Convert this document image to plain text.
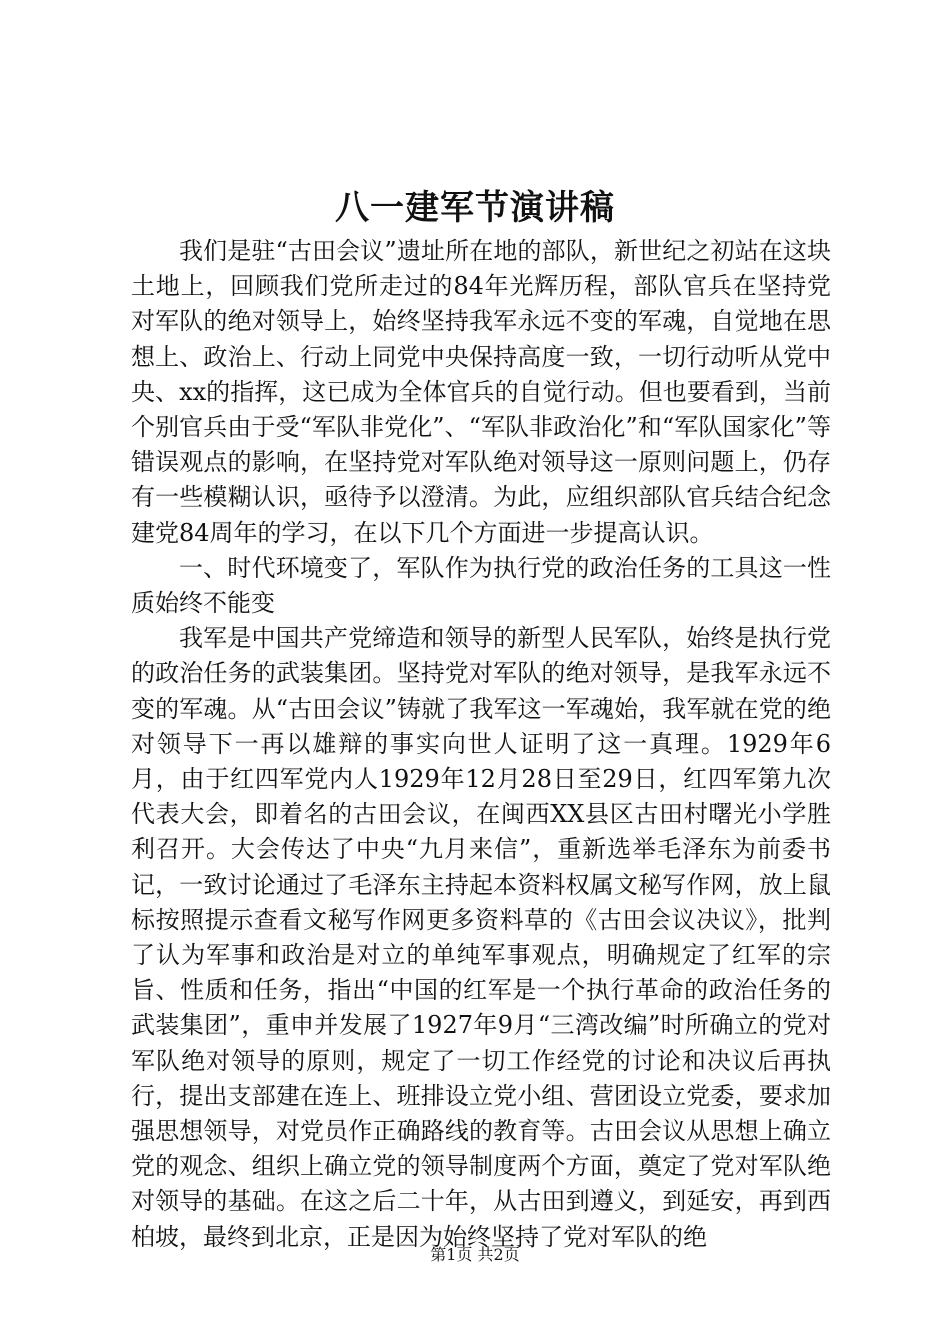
八一建军节演讲稿

我们是驻“古田会议”遗址所在地的部队，新世纪之初站在这块土地上，回顾我们党所走过的84年光辉历程，部队官兵在坚持党对军队的绝对领导上，始终坚持我军永远不变的军魂，自觉地在思想上、政治上、行动上同党中央保持高度一致，一切行动听从党中央、xx的指挥，这已成为全体官兵的自觉行动。但也要看到，当前个别官兵由于受“军队非党化”、“军队非政治化”和“军队国家化”等错误观点的影响，在坚持党对军队绝对领导这一原则问题上，仍存有一些模糊认识，亟待予以澄清。为此，应组织部队官兵结合纪念建党84周年的学习，在以下几个方面进一步提高认识。

一、时代环境变了，军队作为执行党的政治任务的工具这一性质始终不能变

我军是中国共产党缔造和领导的新型人民军队，始终是执行党的政治任务的武装集团。坚持党对军队的绝对领导，是我军永远不变的军魂。从“古田会议”铸就了我军这一军魂始，我军就在党的绝对领导下一再以雄辩的事实向世人证明了这一真理。1929年6月，由于红四军党内人1929年12月28日至29日，红四军第九次代表大会，即着名的古田会议，在闽西XX县区古田村曙光小学胜利召开。大会传达了中央“九月来信”，重新选举毛泽东为前委书记，一致讨论通过了毛泽东主持起本资料权属文秘写作网，放上鼠标按照提示查看文秘写作网更多资料草的《古田会议决议》，批判了认为军事和政治是对立的单纯军事观点，明确规定了红军的宗旨、性质和任务，指出“中国的红军是一个执行革命的政治任务的武装集团”，重申并发展了1927年9月“三湾改编”时所确立的党对军队绝对领导的原则，规定了一切工作经党的讨论和决议后再执行，提出支部建在连上、班排设立党小组、营团设立党委，要求加强思想领导，对党员作正确路线的教育等。古田会议从思想上确立党的观念、组织上确立党的领导制度两个方面，奠定了党对军队绝对领导的基础。在这之后二十年，从古田到遵义，到延安，再到西柏坡，最终到北京，正是因为始终坚持了党对军队的绝

第1页 共2页
